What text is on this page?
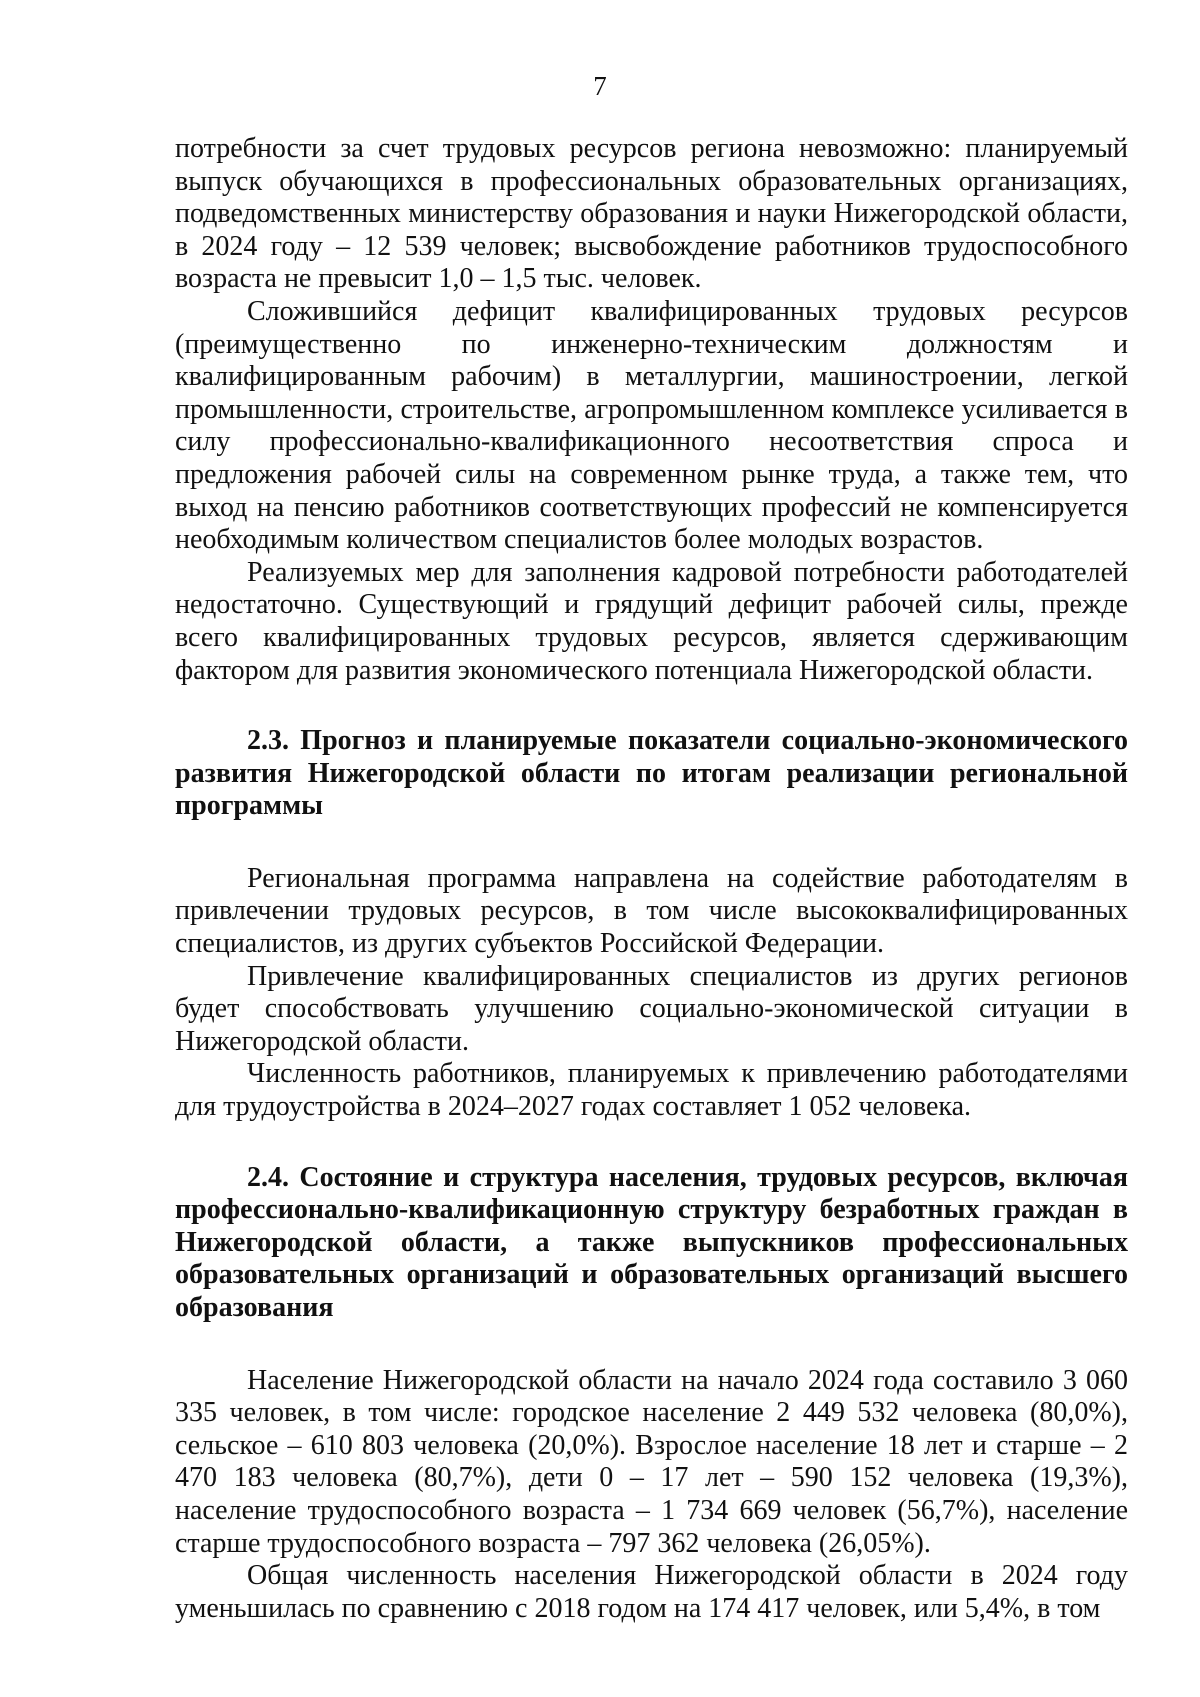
7

потребности за счет трудовых ресурсов региона невозможно: планируемый выпуск обучающихся в профессиональных образовательных организациях, подведомственных министерству образования и науки Нижегородской области, в 2024 году – 12 539 человек; высвобождение работников трудоспособного возраста не превысит 1,0 – 1,5 тыс. человек.

Сложившийся дефицит квалифицированных трудовых ресурсов (преимущественно по инженерно-техническим должностям и квалифицированным рабочим) в металлургии, машиностроении, легкой промышленности, строительстве, агропромышленном комплексе усиливается в силу профессионально-квалификационного несоответствия спроса и предложения рабочей силы на современном рынке труда, а также тем, что выход на пенсию работников соответствующих профессий не компенсируется необходимым количеством специалистов более молодых возрастов.

Реализуемых мер для заполнения кадровой потребности работодателей недостаточно. Существующий и грядущий дефицит рабочей силы, прежде всего квалифицированных трудовых ресурсов, является сдерживающим фактором для развития экономического потенциала Нижегородской области.

2.3. Прогноз и планируемые показатели социально-экономического развития Нижегородской области по итогам реализации региональной программы

Региональная программа направлена на содействие работодателям в привлечении трудовых ресурсов, в том числе высококвалифицированных специалистов, из других субъектов Российской Федерации.

Привлечение квалифицированных специалистов из других регионов будет способствовать улучшению социально-экономической ситуации в Нижегородской области.

Численность работников, планируемых к привлечению работодателями для трудоустройства в 2024–2027 годах составляет 1 052 человека.

2.4. Состояние и структура населения, трудовых ресурсов, включая профессионально-квалификационную структуру безработных граждан в Нижегородской области, а также выпускников профессиональных образовательных организаций и образовательных организаций высшего образования

Население Нижегородской области на начало 2024 года составило 3 060 335 человек, в том числе: городское население 2 449 532 человека (80,0%), сельское – 610 803 человека (20,0%). Взрослое население 18 лет и старше – 2 470 183 человека (80,7%), дети 0 – 17 лет – 590 152 человека (19,3%), население трудоспособного возраста – 1 734 669 человек (56,7%), население старше трудоспособного возраста – 797 362 человека (26,05%).

Общая численность населения Нижегородской области в 2024 году уменьшилась по сравнению с 2018 годом на 174 417 человек, или 5,4%, в том
